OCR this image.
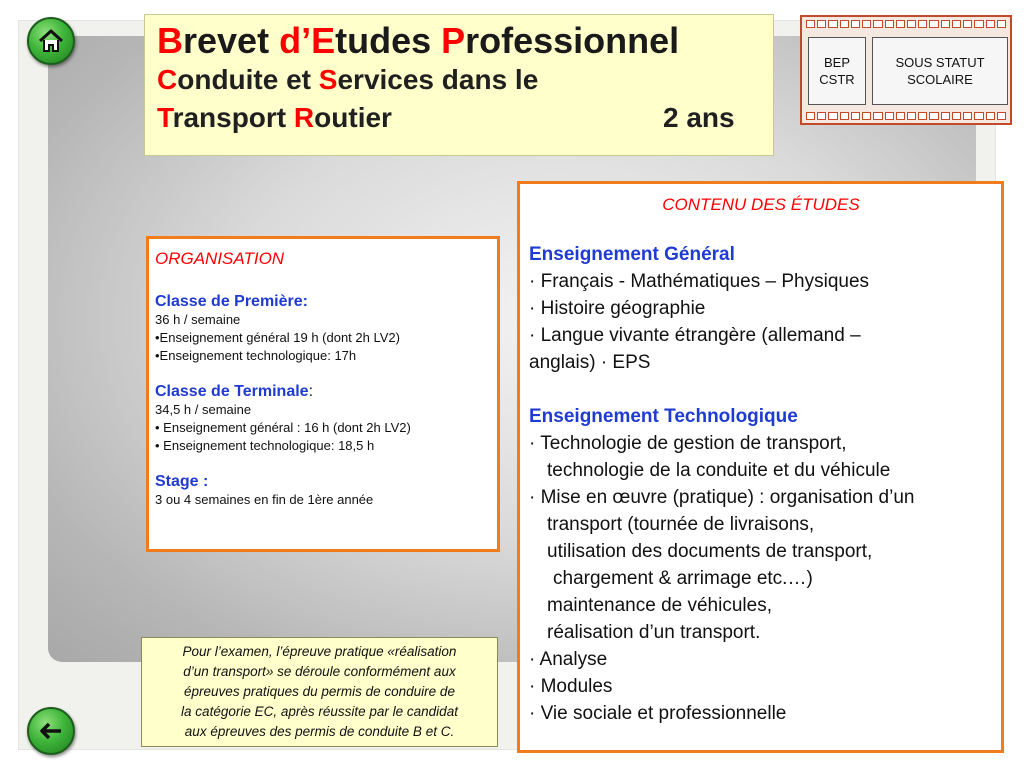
Brevet d’Etudes Professionnel
Conduite et Services dans le
Transport Routier	2 ans
BEP
CSTR
SOUS STATUT
SCOLAIRE
ORGANISATION
Classe de Première:
36 h / semaine
•Enseignement général 19 h (dont 2h LV2)
•Enseignement technologique: 17h
Classe de Terminale:
34,5 h / semaine
• Enseignement général : 16 h (dont 2h LV2)
• Enseignement technologique: 18,5 h
Stage :
3 ou 4 semaines en fin de 1ère année
CONTENU DES ÉTUDES
Enseignement Général
· Français - Mathématiques – Physiques
· Histoire géographie
· Langue vivante étrangère (allemand –
anglais) · EPS
Enseignement Technologique
· Technologie de gestion de transport,
technologie de la conduite et du véhicule
· Mise en œuvre (pratique) : organisation d’un
transport (tournée de livraisons,
utilisation des documents de transport,
chargement & arrimage etc.…)
maintenance de véhicules,
réalisation d’un transport.
· Analyse
· Modules
· Vie sociale et professionnelle
Pour l’examen, l’épreuve pratique «réalisation
d’un transport» se déroule conformément aux
épreuves pratiques du permis de conduire de
la catégorie EC, après réussite par le candidat
aux épreuves des permis de conduite B et C.
